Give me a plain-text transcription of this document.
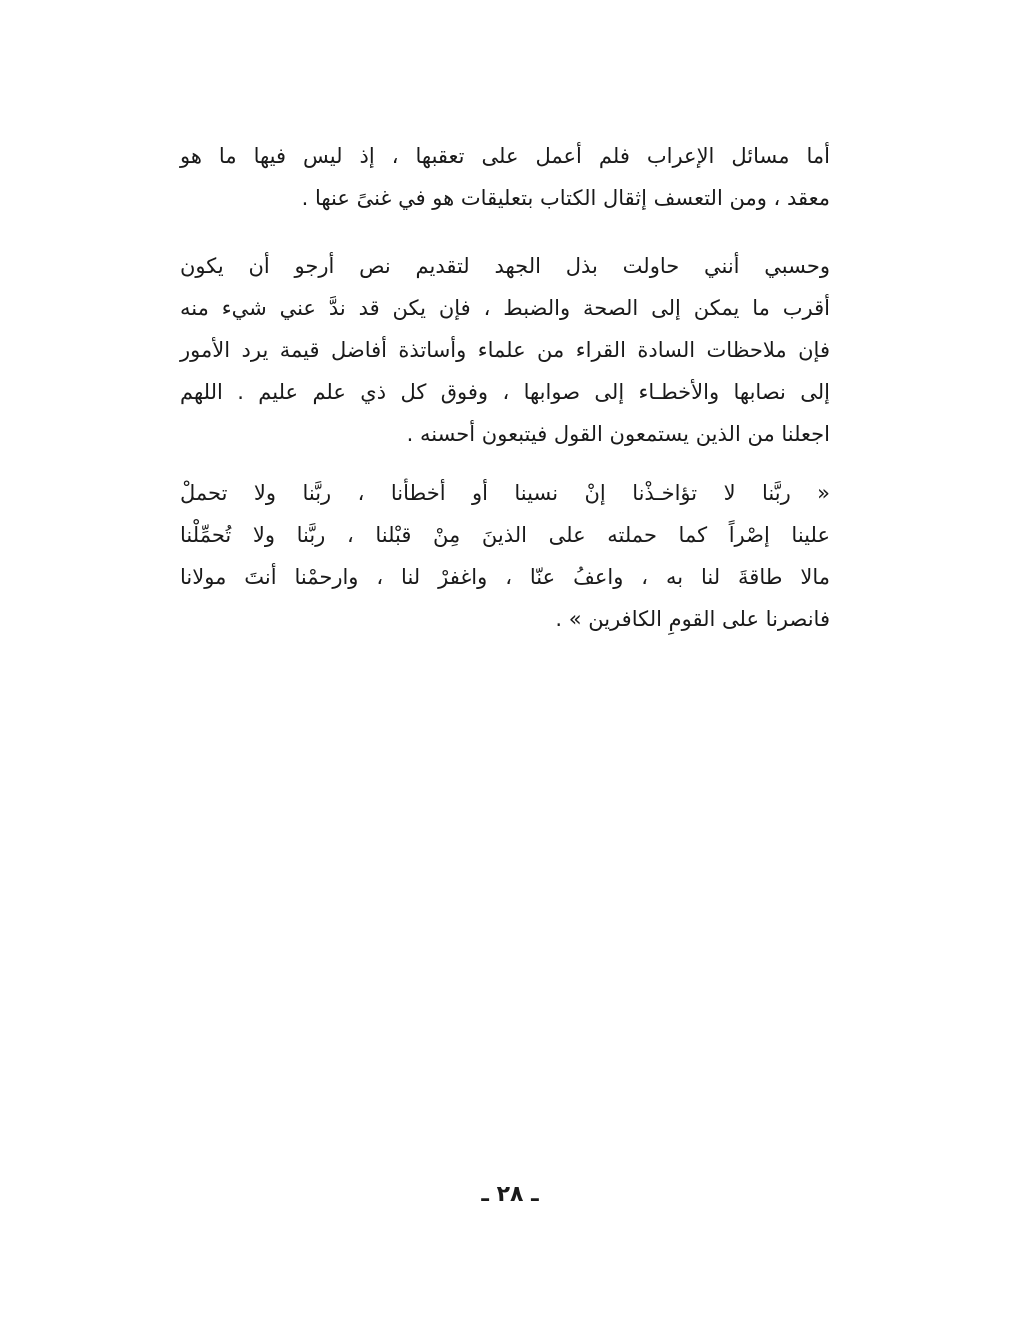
أما مسائل الإعراب فلم أعمل على تعقبها ، إذ ليس فيها ما هو
معقد ، ومن التعسف إثقال الكتاب بتعليقات هو في غنىً عنها .
وحسبي أنني حاولت بذل الجهد لتقديم نص أرجو أن يكون
أقرب ما يمكن إلى الصحة والضبط ، فإن يكن قد ندَّ عني شيء منه
فإن ملاحظات السادة القراء من علماء وأساتذة أفاضل قيمة يرد الأمور
إلى نصابها والأخطـاء إلى صوابها ، وفوق كل ذي علم عليم . اللهم
اجعلنا من الذين يستمعون القول فيتبعون أحسنه .
« ربَّنا لا تؤاخـذْنا إنْ نسينا أو أخطأنا ، ربَّنا ولا تحملْ
علينا إصْراً كما حملته على الذينَ مِنْ قبْلنا ، ربَّنا ولا تُحمِّلْنا
مالا طاقةَ لنا به ، واعفُ عنّا ، واغفرْ لنا ، وارحمْنا أنتَ مولانا
فانصرنا على القومِ الكافرين » .
ـ ٢٨ ـ
